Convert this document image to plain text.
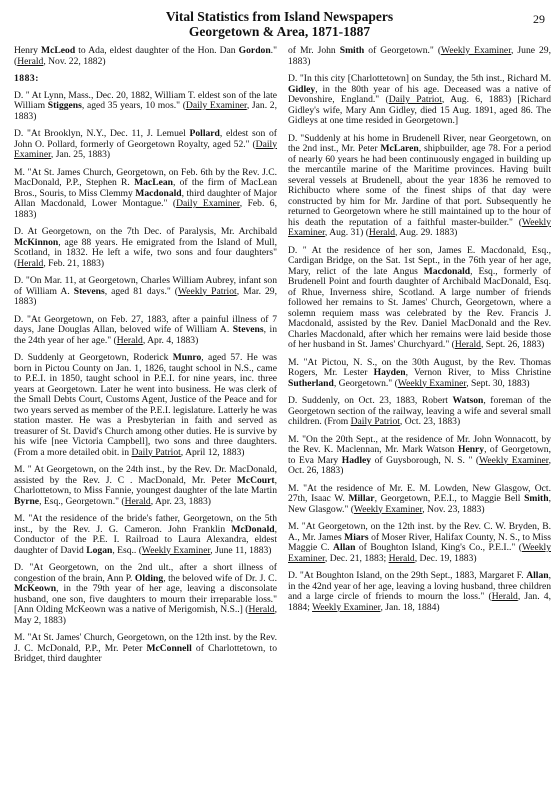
Vital Statistics from Island Newspapers
Georgetown & Area, 1871-1887
29

Henry McLeod to Ada, eldest daughter of the Hon. Dan Gordon." (Herald, Nov. 22, 1882)

1883:

D. " At Lynn, Mass., Dec. 20, 1882, William T. eldest son of the late William Stiggens, aged 35 years, 10 mos." (Daily Examiner, Jan. 2, 1883)

D. "At Brooklyn, N.Y., Dec. 11, J. Lemuel Pollard, eldest son of John O. Pollard, formerly of Georgetown Royalty, aged 52." (Daily Examiner, Jan. 25, 1883)

M. "At St. James Church, Georgetown, on Feb. 6th by the Rev. J.C. MacDonald, P.P., Stephen R. MacLean, of the firm of MacLean Bros., Souris, to Miss Clemmy Macdonald, third daughter of Major Allan Macdonald, Lower Montague." (Daily Examiner, Feb. 6, 1883)

D. At Georgetown, on the 7th Dec. of Paralysis, Mr. Archibald McKinnon, age 88 years. He emigrated from the Island of Mull, Scotland, in 1832. He left a wife, two sons and four daughters" (Herald, Feb. 21, 1883)

D. "On Mar. 11, at Georgetown, Charles William Aubrey, infant son of William A. Stevens, aged 81 days." (Weekly Patriot, Mar. 29, 1883)

D. "At Georgetown, on Feb. 27, 1883, after a painful illness of 7 days, Jane Douglas Allan, beloved wife of William A. Stevens, in the 24th year of her age." (Herald, Apr. 4, 1883)

D. Suddenly at Georgetown, Roderick Munro, aged 57. He was born in Pictou County on Jan. 1, 1826, taught school in N.S., came to P.E.I. in 1850, taught school in P.E.I. for nine years, inc. three years at Georgetown. Later he went into business. He was clerk of the Small Debts Court, Customs Agent, Justice of the Peace and for two years served as member of the P.E.I. legislature. Latterly he was station master. He was a Presbyterian in faith and served as treasurer of St. David's Church among other duties. He is survive by his wife [nee Victoria Campbell], two sons and three daughters. (From a more detailed obit. in Daily Patriot, April 12, 1883)

M. " At Georgetown, on the 24th inst., by the Rev. Dr. MacDonald, assisted by the Rev. J. C . MacDonald, Mr. Peter McCourt, Charlottetown, to Miss Fannie, youngest daughter of the late Martin Byrne, Esq., Georgetown." (Herald, Apr. 23, 1883)

M. "At the residence of the bride's father, Georgetown, on the 5th inst., by the Rev. J. G. Cameron. John Franklin McDonald, Conductor of the P.E. I. Railroad to Laura Alexandra, eldest daughter of David Logan, Esq.. (Weekly Examiner, June 11, 1883)

D. "At Georgetown, on the 2nd ult., after a short illness of congestion of the brain, Ann P. Olding, the beloved wife of Dr. J. C. McKeown, in the 79th year of her age, leaving a disconsolate husband, one son, five daughters to mourn their irreparable loss." [Ann Olding McKeown was a native of Merigomish, N.S..] (Herald, May 2, 1883)

M. "At St. James' Church, Georgetown, on the 12th inst. by the Rev. J. C. McDonald, P.P., Mr. Peter McConnell of Charlottetown, to Bridget, third daughter

of Mr. John Smith of Georgetown." (Weekly Examiner, June 29, 1883)

D. "In this city [Charlottetown] on Sunday, the 5th inst., Richard M. Gidley, in the 80th year of his age. Deceased was a native of Devonshire, England." (Daily Patriot, Aug. 6, 1883) [Richard Gidley's wife, Mary Ann Gidley, died 15 Aug. 1891, aged 86. The Gidleys at one time resided in Georgetown.]

D. "Suddenly at his home in Brudenell River, near Georgetown, on the 2nd inst., Mr. Peter McLaren, shipbuilder, age 78. For a period of nearly 60 years he had been continuously engaged in building up the mercantile marine of the Maritime provinces. Having built several vessels at Brudenell, about the year 1836 he removed to Richibucto where some of the finest ships of that day were constructed by him for Mr. Jardine of that port. Subsequently he returned to Georgetown where he still maintained up to the hour of his death the reputation of a faithful master-builder." (Weekly Examiner, Aug. 31) (Herald, Aug. 29. 1883)

D. " At the residence of her son, James E. Macdonald, Esq., Cardigan Bridge, on the Sat. 1st Sept., in the 76th year of her age, Mary, relict of the late Angus Macdonald, Esq., formerly of Brudenell Point and fourth daughter of Archibald MacDonald, Esq. of Rhue, Inverness shire, Scotland. A large number of friends followed her remains to St. James' Church, Georgetown, where a solemn requiem mass was celebrated by the Rev. Francis J. Macdonald, assisted by the Rev. Daniel MacDonald and the Rev. Charles Macdonald, after which her remains were laid beside those of her husband in St. James' Churchyard." (Herald, Sept. 26, 1883)

M. "At Pictou, N. S., on the 30th August, by the Rev. Thomas Rogers, Mr. Lester Hayden, Vernon River, to Miss Christine Sutherland, Georgetown." (Weekly Examiner, Sept. 30, 1883)

D. Suddenly, on Oct. 23, 1883, Robert Watson, foreman of the Georgetown section of the railway, leaving a wife and several small children. (From Daily Patriot, Oct. 23, 1883)

M. "On the 20th Sept., at the residence of Mr. John Wonnacott, by the Rev. K. Maclennan, Mr. Mark Watson Henry, of Georgetown, to Eva Mary Hadley of Guysborough, N. S. " (Weekly Examiner, Oct. 26, 1883)

M. "At the residence of Mr. E. M. Lowden, New Glasgow, Oct. 27th, Isaac W. Millar, Georgetown, P.E.I., to Maggie Bell Smith, New Glasgow." (Weekly Examiner, Nov. 23, 1883)

M. "At Georgetown, on the 12th inst. by the Rev. C. W. Bryden, B. A., Mr. James Miars of Moser River, Halifax County, N. S., to Miss Maggie C. Allan of Boughton Island, King's Co., P.E.I.." (Weekly Examiner, Dec. 21, 1883; Herald, Dec. 19, 1883)

D. "At Boughton Island, on the 29th Sept., 1883, Margaret F. Allan, in the 42nd year of her age, leaving a loving husband, three children and a large circle of friends to mourn the loss." (Herald, Jan. 4, 1884; Weekly Examiner, Jan. 18, 1884)
